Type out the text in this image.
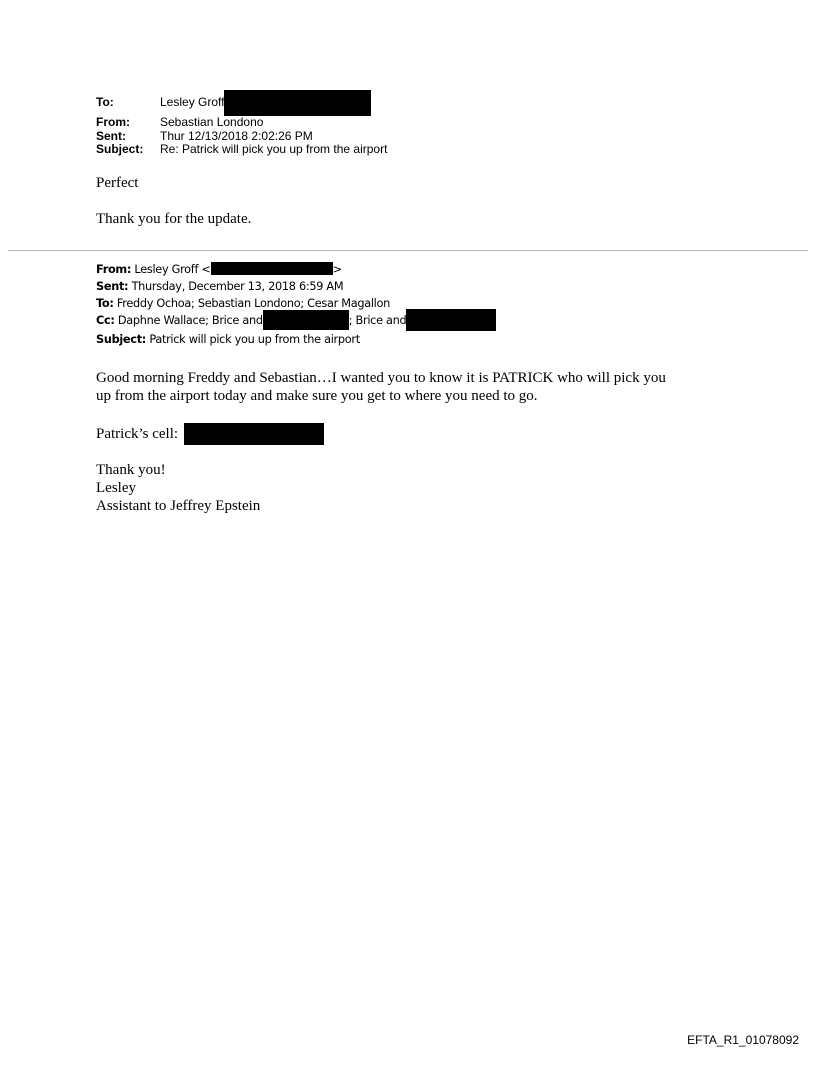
To:	Lesley Groff
From:	Sebastian Londono
Sent:	Thur 12/13/2018 2:02:26 PM
Subject:	Re: Patrick will pick you up from the airport
Perfect
Thank you for the update.
From: Lesley Groff <	>
Sent: Thursday, December 13, 2018 6:59 AM
To: Freddy Ochoa; Sebastian Londono; Cesar Magallon
Cc: Daphne Wallace; Brice and	; Brice and
Subject: Patrick will pick you up from the airport
Good morning Freddy and Sebastian…I wanted you to know it is PATRICK who will pick you
up from the airport today and make sure you get to where you need to go.
Patrick’s cell:
Thank you!
Lesley
Assistant to Jeffrey Epstein
EFTA_R1_01078092
